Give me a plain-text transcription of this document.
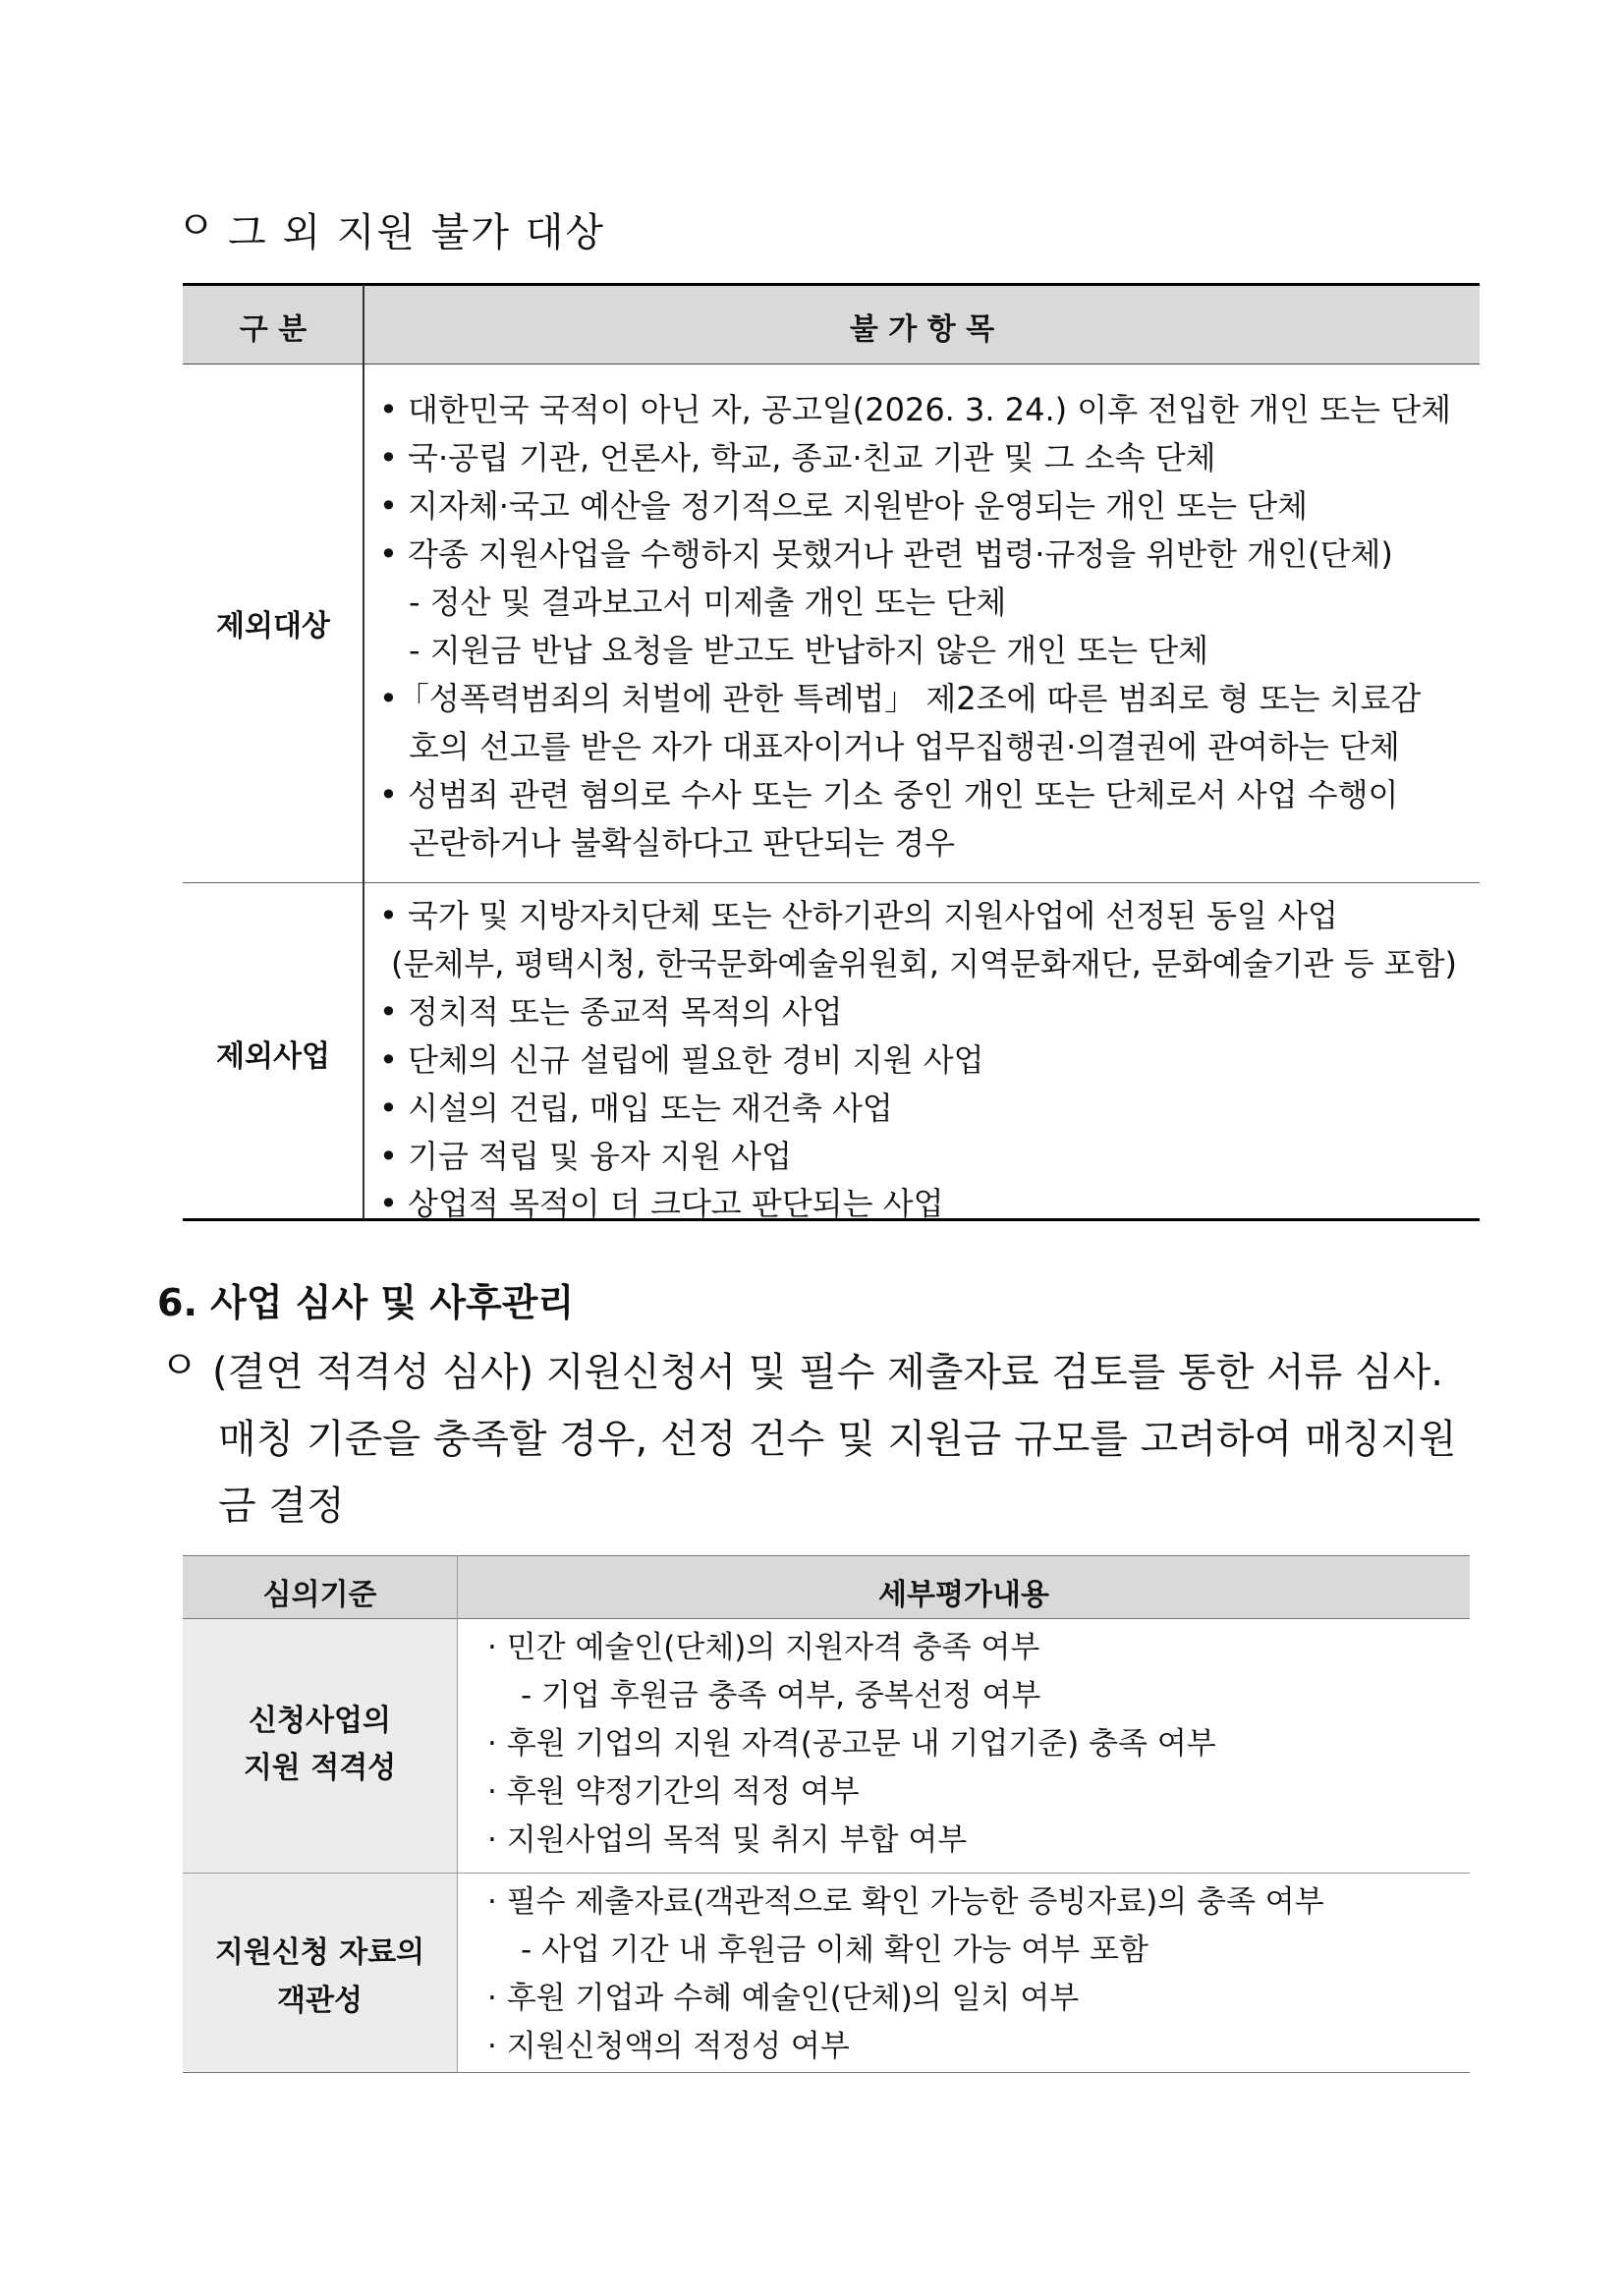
ㅇ 그 외 지원 불가 대상
구 분	불 가 항 목
제외대상
• 대한민국 국적이 아닌 자, 공고일(2026. 3. 24.) 이후 전입한 개인 또는 단체
• 국·공립 기관, 언론사, 학교, 종교·친교 기관 및 그 소속 단체
• 지자체·국고 예산을 정기적으로 지원받아 운영되는 개인 또는 단체
• 각종 지원사업을 수행하지 못했거나 관련 법령·규정을 위반한 개인(단체)
- 정산 및 결과보고서 미제출 개인 또는 단체
- 지원금 반납 요청을 받고도 반납하지 않은 개인 또는 단체
•「성폭력범죄의 처벌에 관한 특례법」 제2조에 따른 범죄로 형 또는 치료감
호의 선고를 받은 자가 대표자이거나 업무집행권·의결권에 관여하는 단체
• 성범죄 관련 혐의로 수사 또는 기소 중인 개인 또는 단체로서 사업 수행이
곤란하거나 불확실하다고 판단되는 경우
제외사업
• 국가 및 지방자치단체 또는 산하기관의 지원사업에 선정된 동일 사업
(문체부, 평택시청, 한국문화예술위원회, 지역문화재단, 문화예술기관 등 포함)
• 정치적 또는 종교적 목적의 사업
• 단체의 신규 설립에 필요한 경비 지원 사업
• 시설의 건립, 매입 또는 재건축 사업
• 기금 적립 및 융자 지원 사업
• 상업적 목적이 더 크다고 판단되는 사업
6. 사업 심사 및 사후관리
ㅇ (결연 적격성 심사) 지원신청서 및 필수 제출자료 검토를 통한 서류 심사.
매칭 기준을 충족할 경우, 선정 건수 및 지원금 규모를 고려하여 매칭지원
금 결정
심의기준	세부평가내용
신청사업의
지원 적격성
· 민간 예술인(단체)의 지원자격 충족 여부
- 기업 후원금 충족 여부, 중복선정 여부
· 후원 기업의 지원 자격(공고문 내 기업기준) 충족 여부
· 후원 약정기간의 적정 여부
· 지원사업의 목적 및 취지 부합 여부
지원신청 자료의
객관성
· 필수 제출자료(객관적으로 확인 가능한 증빙자료)의 충족 여부
- 사업 기간 내 후원금 이체 확인 가능 여부 포함
· 후원 기업과 수혜 예술인(단체)의 일치 여부
· 지원신청액의 적정성 여부
